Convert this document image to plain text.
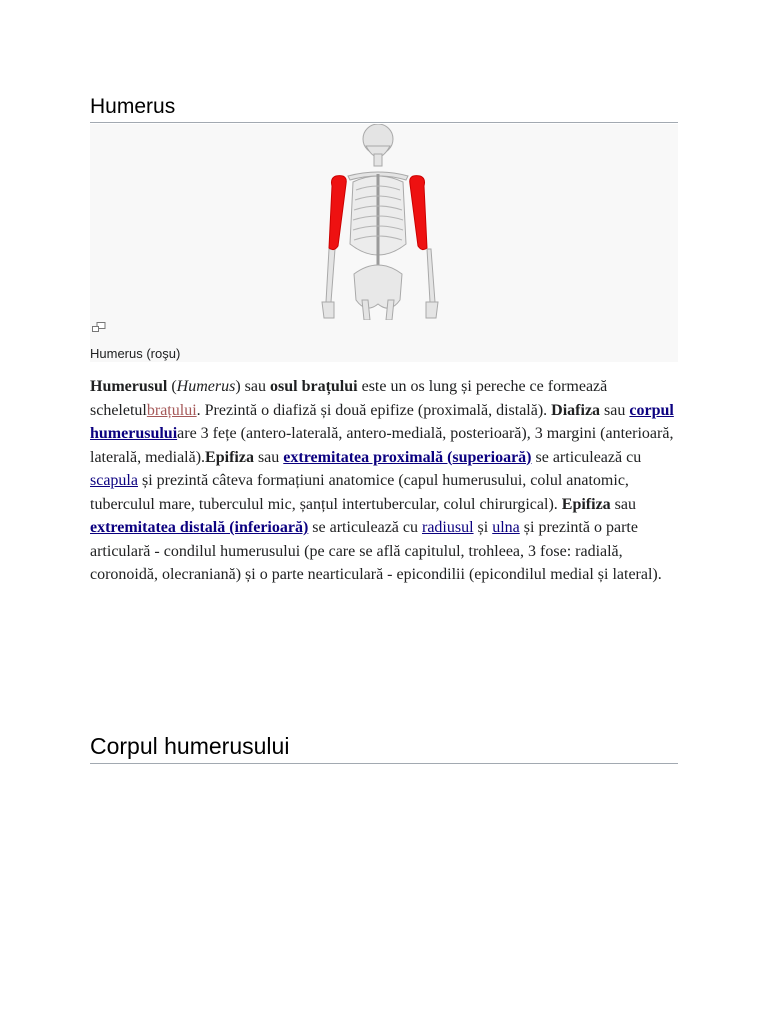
Humerus
Humerus (roşu)

Humerusul (Humerus) sau osul brațului este un os lung și pereche ce formează scheletulbrațului. Prezintă o diafiză și două epifize (proximală, distală). Diafiza sau corpul humerusuluiare 3 fețe (antero-laterală, antero-medială, posterioară), 3 margini (anterioară, laterală, medială).Epifiza sau extremitatea proximală (superioară) se articulează cu scapula și prezintă câteva formațiuni anatomice (capul humerusului, colul anatomic, tuberculul mare, tuberculul mic, șanțul intertubercular, colul chirurgical). Epifiza sau extremitatea distală (inferioară) se articulează cu radiusul și ulna și prezintă o parte articulară - condilul humerusului (pe care se află capitulul, trohleea, 3 fose: radială, coronoidă, olecraniană) și o parte nearticulară - epicondilii (epicondilul medial și lateral).

Corpul humerusului
